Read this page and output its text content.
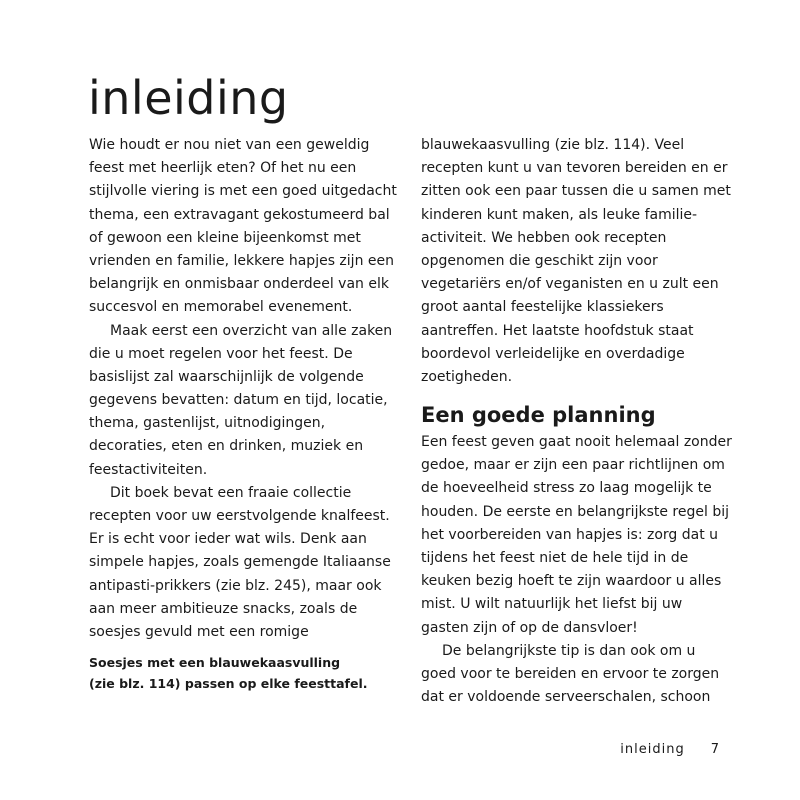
inleiding
Wie houdt er nou niet van een geweldig
feest met heerlijk eten? Of het nu een
stijlvolle viering is met een goed uitgedacht
thema, een extravagant gekostumeerd bal
of gewoon een kleine bijeenkomst met
vrienden en familie, lekkere hapjes zijn een
belangrijk en onmisbaar onderdeel van elk
succesvol en memorabel evenement.
Maak eerst een overzicht van alle zaken
die u moet regelen voor het feest. De
basislijst zal waarschijnlijk de volgende
gegevens bevatten: datum en tijd, locatie,
thema, gastenlijst, uitnodigingen,
decoraties, eten en drinken, muziek en
feestactiviteiten.
Dit boek bevat een fraaie collectie
recepten voor uw eerstvolgende knalfeest.
Er is echt voor ieder wat wils. Denk aan
simpele hapjes, zoals gemengde Italiaanse
antipasti-prikkers (zie blz. 245), maar ook
aan meer ambitieuze snacks, zoals de
soesjes gevuld met een romige
Soesjes met een blauwekaasvulling
(zie blz. 114) passen op elke feesttafel.
blauwekaasvulling (zie blz. 114). Veel
recepten kunt u van tevoren bereiden en er
zitten ook een paar tussen die u samen met
kinderen kunt maken, als leuke familie-
activiteit. We hebben ook recepten
opgenomen die geschikt zijn voor
vegetariërs en/of veganisten en u zult een
groot aantal feestelijke klassiekers
aantreffen. Het laatste hoofdstuk staat
boordevol verleidelijke en overdadige
zoetigheden.
Een goede planning
Een feest geven gaat nooit helemaal zonder
gedoe, maar er zijn een paar richtlijnen om
de hoeveelheid stress zo laag mogelijk te
houden. De eerste en belangrijkste regel bij
het voorbereiden van hapjes is: zorg dat u
tijdens het feest niet de hele tijd in de
keuken bezig hoeft te zijn waardoor u alles
mist. U wilt natuurlijk het liefst bij uw
gasten zijn of op de dansvloer!
De belangrijkste tip is dan ook om u
goed voor te bereiden en ervoor te zorgen
dat er voldoende serveerschalen, schoon
inleiding 7
